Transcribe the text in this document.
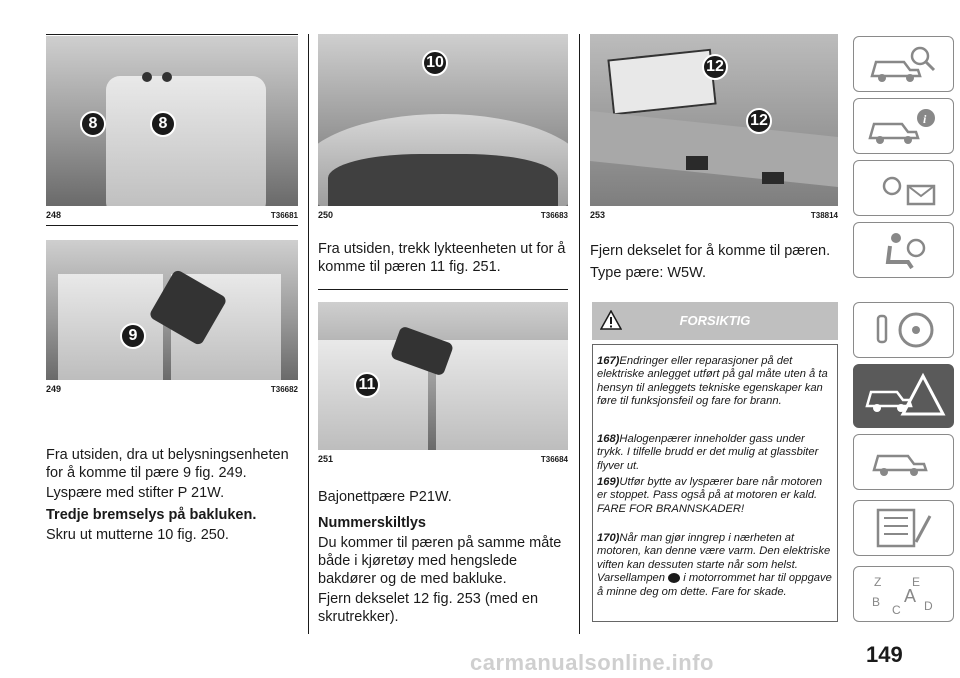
8	8
248	T36681
9
249	T36682
Fra utsiden, dra ut belysningsenheten for å komme til pære 9 fig. 249.
Lyspære med stifter P 21W.
Tredje bremselys på bakluken.
Skru ut mutterne 10 fig. 250.
10
250	T36683
Fra utsiden, trekk lykteenheten ut for å komme til pæren 11 fig. 251.
11
251	T36684
Bajonettpære P21W.
Nummerskiltlys
Du kommer til pæren på samme måte både i kjøretøy med hengslede bakdører og de med bakluke.
Fjern dekselet 12 fig. 253 (med en skrutrekker).
12
12
253	T38814
Fjern dekselet for å komme til pæren.
Type pære: W5W.
FORSIKTIG
167)Endringer eller reparasjoner på det elektriske anlegget utført på gal måte uten å ta hensyn til anleggets tekniske egenskaper kan føre til funksjonsfeil og fare for brann.
168)Halogenpærer inneholder gass under trykk. I tilfelle brudd er det mulig at glassbiter flyver ut.
169)Utfør bytte av lyspærer bare når motoren er stoppet. Pass også på at motoren er kald. FARE FOR BRANNSKADER!
170)Når man gjør inngrep i nærheten at motoren, kan denne være varm. Den elektriske viften kan dessuten starte når som helst. Varsellampen i motorrommet har til oppgave å minne deg om dette. Fare for skade.
i
Z	E
B
C
A D
149
carmanualsonline.info
